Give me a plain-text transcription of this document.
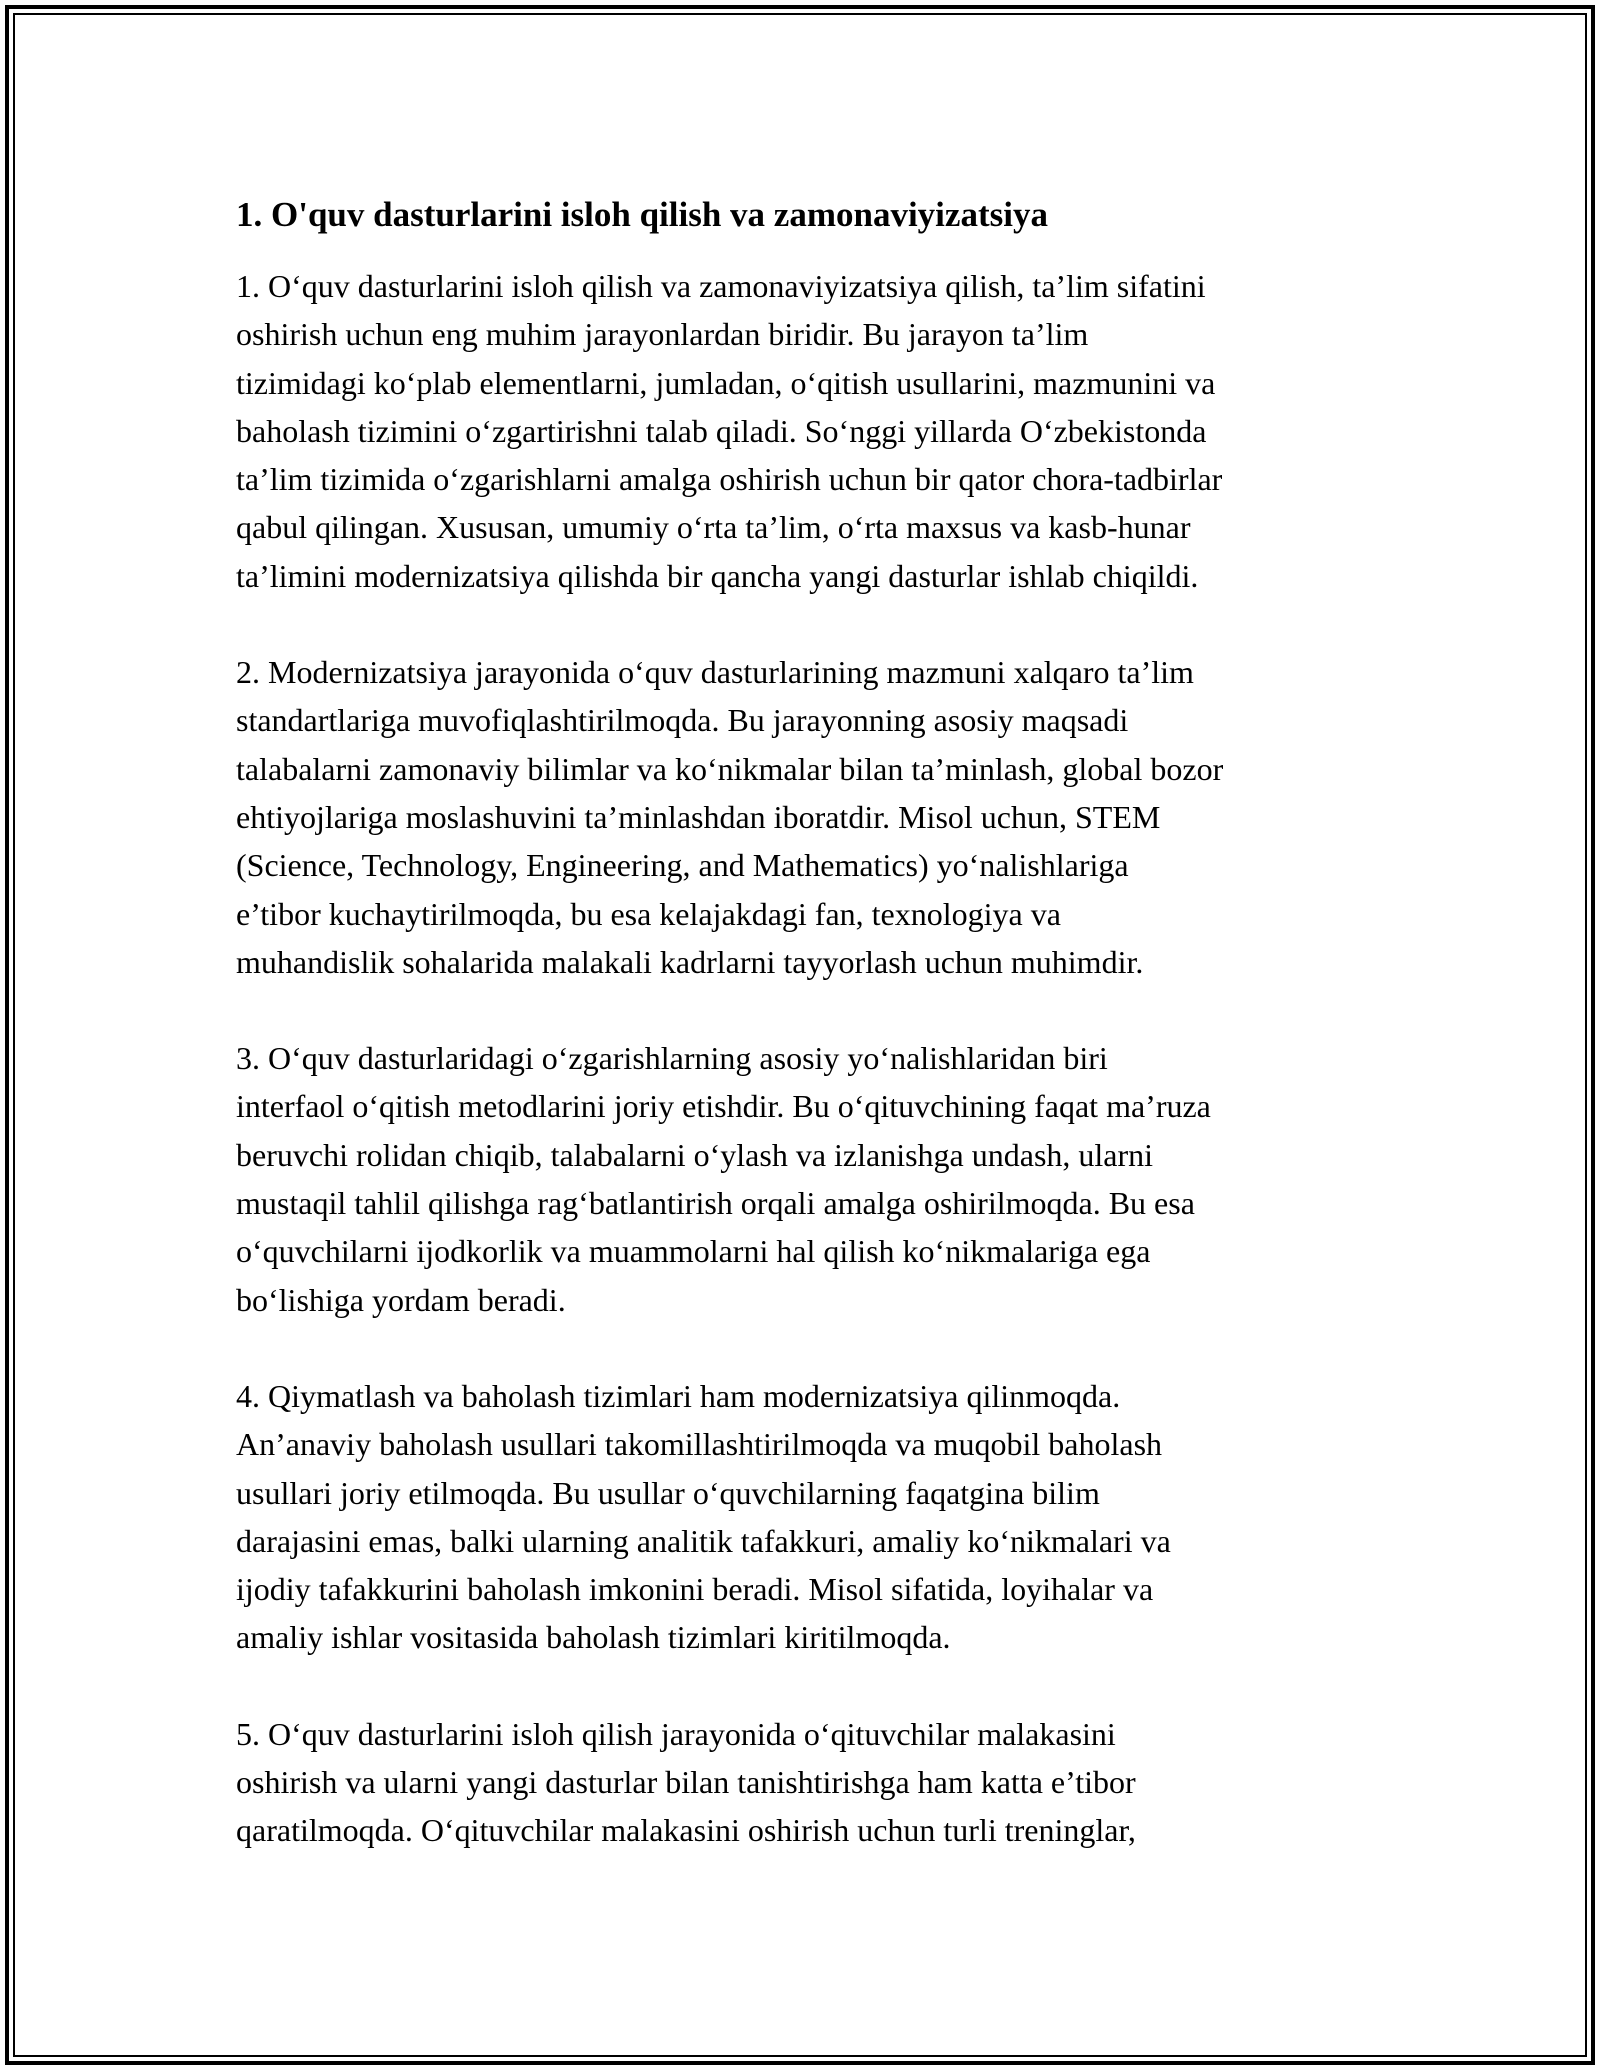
1. O'quv dasturlarini isloh qilish va zamonaviyizatsiya

1. O‘quv dasturlarini isloh qilish va zamonaviyizatsiya qilish, ta’lim sifatini
oshirish uchun eng muhim jarayonlardan biridir. Bu jarayon ta’lim
tizimidagi ko‘plab elementlarni, jumladan, o‘qitish usullarini, mazmunini va
baholash tizimini o‘zgartirishni talab qiladi. So‘nggi yillarda O‘zbekistonda
ta’lim tizimida o‘zgarishlarni amalga oshirish uchun bir qator chora-tadbirlar
qabul qilingan. Xususan, umumiy o‘rta ta’lim, o‘rta maxsus va kasb-hunar
ta’limini modernizatsiya qilishda bir qancha yangi dasturlar ishlab chiqildi.

2. Modernizatsiya jarayonida o‘quv dasturlarining mazmuni xalqaro ta’lim
standartlariga muvofiqlashtirilmoqda. Bu jarayonning asosiy maqsadi
talabalarni zamonaviy bilimlar va ko‘nikmalar bilan ta’minlash, global bozor
ehtiyojlariga moslashuvini ta’minlashdan iboratdir. Misol uchun, STEM
(Science, Technology, Engineering, and Mathematics) yo‘nalishlariga
e’tibor kuchaytirilmoqda, bu esa kelajakdagi fan, texnologiya va
muhandislik sohalarida malakali kadrlarni tayyorlash uchun muhimdir.

3. O‘quv dasturlaridagi o‘zgarishlarning asosiy yo‘nalishlaridan biri
interfaol o‘qitish metodlarini joriy etishdir. Bu o‘qituvchining faqat ma’ruza
beruvchi rolidan chiqib, talabalarni o‘ylash va izlanishga undash, ularni
mustaqil tahlil qilishga rag‘batlantirish orqali amalga oshirilmoqda. Bu esa
o‘quvchilarni ijodkorlik va muammolarni hal qilish ko‘nikmalariga ega
bo‘lishiga yordam beradi.

4. Qiymatlash va baholash tizimlari ham modernizatsiya qilinmoqda.
An’anaviy baholash usullari takomillashtirilmoqda va muqobil baholash
usullari joriy etilmoqda. Bu usullar o‘quvchilarning faqatgina bilim
darajasini emas, balki ularning analitik tafakkuri, amaliy ko‘nikmalari va
ijodiy tafakkurini baholash imkonini beradi. Misol sifatida, loyihalar va
amaliy ishlar vositasida baholash tizimlari kiritilmoqda.

5. O‘quv dasturlarini isloh qilish jarayonida o‘qituvchilar malakasini
oshirish va ularni yangi dasturlar bilan tanishtirishga ham katta e’tibor
qaratilmoqda. O‘qituvchilar malakasini oshirish uchun turli treninglar,
